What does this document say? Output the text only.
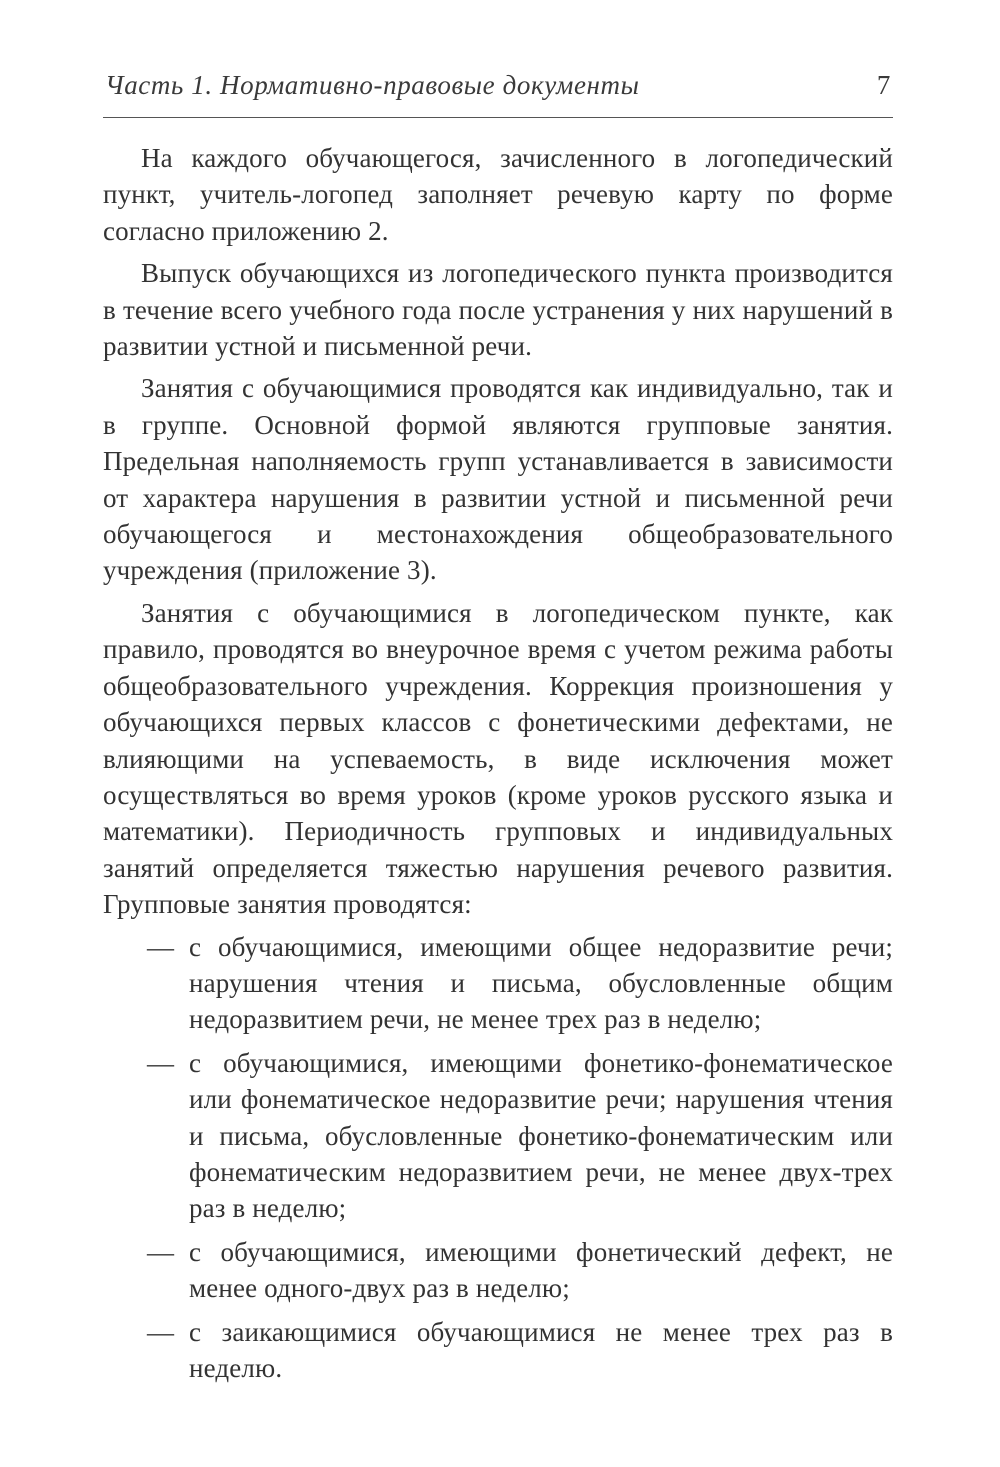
Часть 1. Нормативно-правовые документы	7

На каждого обучающегося, зачисленного в логопедический пункт, учитель-логопед заполняет речевую карту по форме согласно приложению 2.

Выпуск обучающихся из логопедического пункта производится в течение всего учебного года после устранения у них нарушений в развитии устной и письменной речи.

Занятия с обучающимися проводятся как индивидуально, так и в группе. Основной формой являются групповые занятия. Предельная наполняемость групп устанавливается в зависимости от характера нарушения в развитии устной и письменной речи обучающегося и местонахождения общеобразовательного учреждения (приложение 3).

Занятия с обучающимися в логопедическом пункте, как правило, проводятся во внеурочное время с учетом режима работы общеобразовательного учреждения. Коррекция произношения у обучающихся первых классов с фонетическими дефектами, не влияющими на успеваемость, в виде исключения может осуществляться во время уроков (кроме уроков русского языка и математики). Периодичность групповых и индивидуальных занятий определяется тяжестью нарушения речевого развития. Групповые занятия проводятся:

— с обучающимися, имеющими общее недоразвитие речи; нарушения чтения и письма, обусловленные общим недоразвитием речи, не менее трех раз в неделю;
— с обучающимися, имеющими фонетико-фонематическое или фонематическое недоразвитие речи; нарушения чтения и письма, обусловленные фонетико-фонематическим или фонематическим недоразвитием речи, не менее двух-трех раз в неделю;
— с обучающимися, имеющими фонетический дефект, не менее одного-двух раз в неделю;
— с заикающимися обучающимися не менее трех раз в неделю.
